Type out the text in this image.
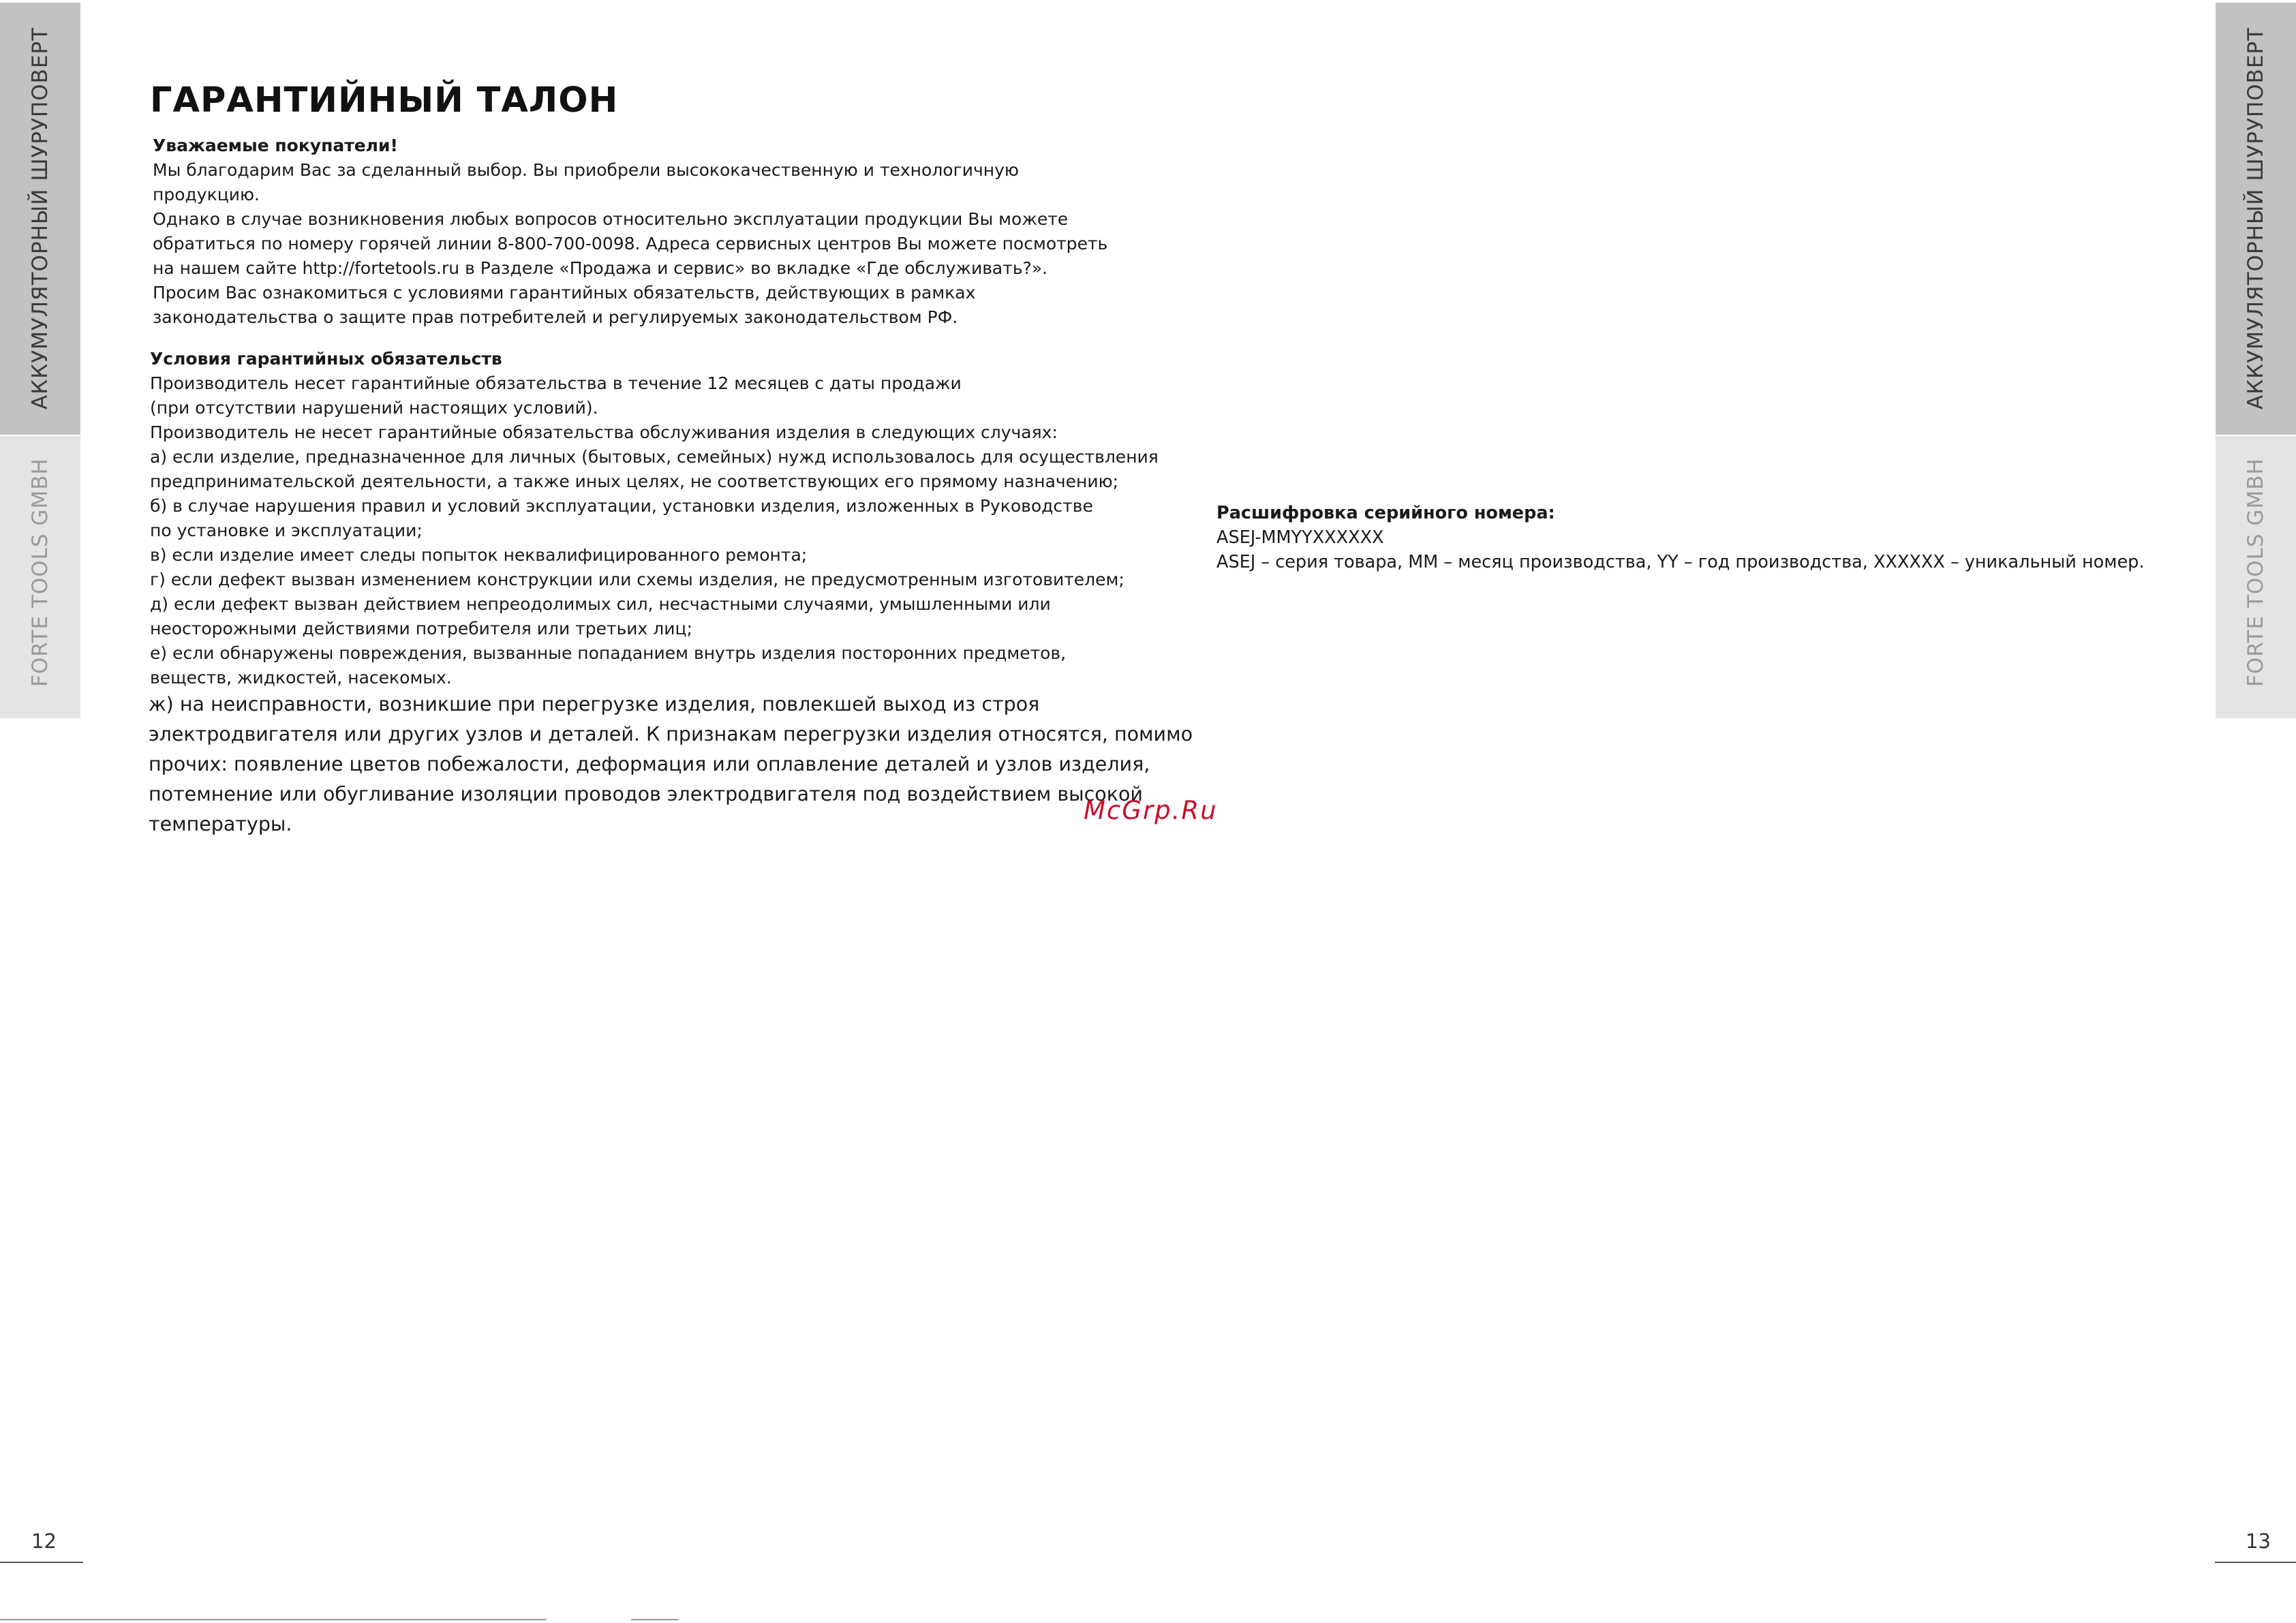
АККУМУЛЯТОРНЫЙ ШУРУПОВЕРТ
FORTE TOOLS GMBH
АККУМУЛЯТОРНЫЙ ШУРУПОВЕРТ
FORTE TOOLS GMBH
ГАРАНТИЙНЫЙ ТАЛОН

Уважаемые покупатели!

Мы благодарим Вас за сделанный выбор. Вы приобрели высококачественную и технологичную

продукцию.

Однако в случае возникновения любых вопросов относительно эксплуатации продукции Вы можете

обратиться по номеру горячей линии 8-800-700-0098. Адреса сервисных центров Вы можете посмотреть

на нашем сайте http://fortetools.ru в Разделе «Продажа и сервис» во вкладке «Где обслуживать?».

Просим Вас ознакомиться с условиями гарантийных обязательств, действующих в рамках

законодательства о защите прав потребителей и регулируемых законодательством РФ.

Условия гарантийных обязательств

Производитель несет гарантийные обязательства в течение 12 месяцев с даты продажи

(при отсутствии нарушений настоящих условий).

Производитель не несет гарантийные обязательства обслуживания изделия в следующих случаях:

а) если изделие, предназначенное для личных (бытовых, семейных) нужд использовалось для осуществления

предпринимательской деятельности, а также иных целях, не соответствующих его прямому назначению;

б) в случае нарушения правил и условий эксплуатации, установки изделия, изложенных в Руководстве

по установке и эксплуатации;

в) если изделие имеет следы попыток неквалифицированного ремонта;

г) если дефект вызван изменением конструкции или схемы изделия, не предусмотренным изготовителем;

д) если дефект вызван действием непреодолимых сил, несчастными случаями, умышленными или

неосторожными действиями потребителя или третьих лиц;

е) если обнаружены повреждения, вызванные попаданием внутрь изделия посторонних предметов,

веществ, жидкостей, насекомых.

ж) на неисправности, возникшие при перегрузке изделия, повлекшей выход из строя

электродвигателя или других узлов и деталей. К признакам перегрузки изделия относятся, помимо

прочих: появление цветов побежалости, деформация или оплавление деталей и узлов изделия,

потемнение или обугливание изоляции проводов электродвигателя под воздействием высокой

температуры.	McGrp.Ru

Расшифровка серийного номера:

ASEJ-MMYYXXXXXX

ASEJ – серия товара, MM – месяц производства, YY – год производства, XXXXXX – уникальный номер.

12	13
